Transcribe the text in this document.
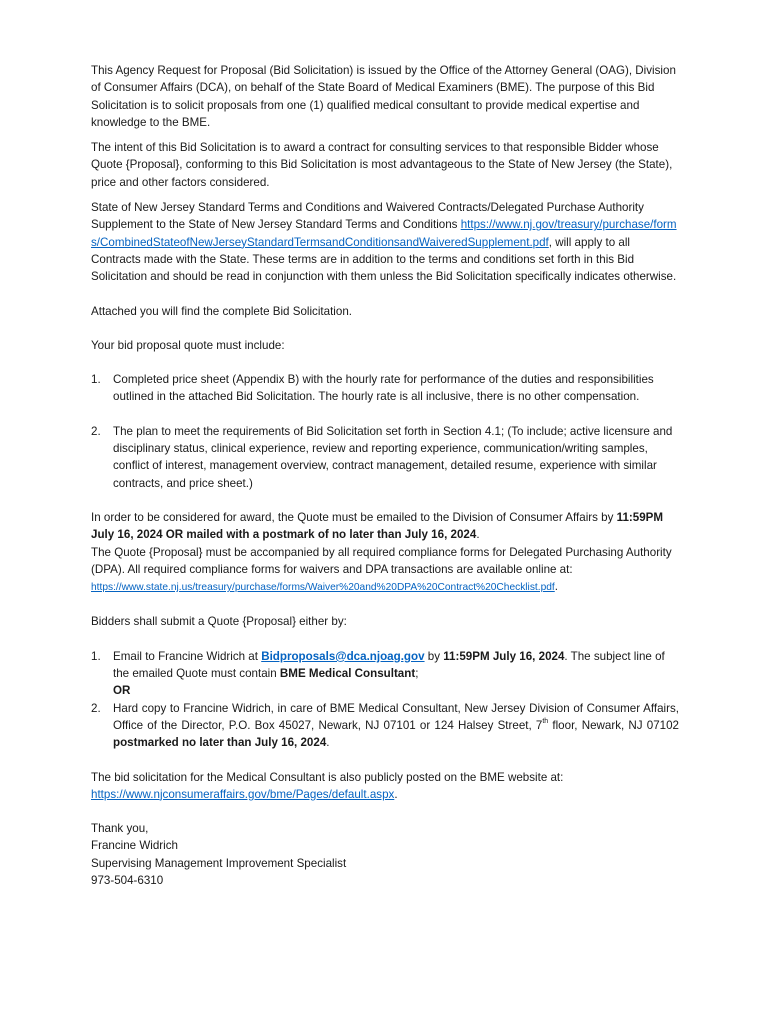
This Agency Request for Proposal (Bid Solicitation) is issued by the Office of the Attorney General (OAG), Division of Consumer Affairs (DCA), on behalf of the State Board of Medical Examiners (BME). The purpose of this Bid Solicitation is to solicit proposals from one (1) qualified medical consultant to provide medical expertise and knowledge to the BME.

The intent of this Bid Solicitation is to award a contract for consulting services to that responsible Bidder whose Quote {Proposal}, conforming to this Bid Solicitation is most advantageous to the State of New Jersey (the State), price and other factors considered.

State of New Jersey Standard Terms and Conditions and Waivered Contracts/Delegated Purchase Authority Supplement to the State of New Jersey Standard Terms and Conditions https://www.nj.gov/treasury/purchase/forms/CombinedStateofNewJerseyStandardTermsandConditionsandWaiveredSupplement.pdf, will apply to all Contracts made with the State. These terms are in addition to the terms and conditions set forth in this Bid Solicitation and should be read in conjunction with them unless the Bid Solicitation specifically indicates otherwise.

Attached you will find the complete Bid Solicitation.

Your bid proposal quote must include:

1. Completed price sheet (Appendix B) with the hourly rate for performance of the duties and responsibilities outlined in the attached Bid Solicitation. The hourly rate is all inclusive, there is no other compensation.
2. The plan to meet the requirements of Bid Solicitation set forth in Section 4.1; (To include; active licensure and disciplinary status, clinical experience, review and reporting experience, communication/writing samples, conflict of interest, management overview, contract management, detailed resume, experience with similar contracts, and price sheet.)

In order to be considered for award, the Quote must be emailed to the Division of Consumer Affairs by 11:59PM July 16, 2024 OR mailed with a postmark of no later than July 16, 2024.
The Quote {Proposal} must be accompanied by all required compliance forms for Delegated Purchasing Authority (DPA). All required compliance forms for waivers and DPA transactions are available online at: https://www.state.nj.us/treasury/purchase/forms/Waiver%20and%20DPA%20Contract%20Checklist.pdf.

Bidders shall submit a Quote {Proposal} either by:

1. Email to Francine Widrich at Bidproposals@dca.njoag.gov by 11:59PM July 16, 2024. The subject line of the emailed Quote must contain BME Medical Consultant;
OR
2. Hard copy to Francine Widrich, in care of BME Medical Consultant, New Jersey Division of Consumer Affairs, Office of the Director, P.O. Box 45027, Newark, NJ 07101 or 124 Halsey Street, 7th floor, Newark, NJ 07102 postmarked no later than July 16, 2024.

The bid solicitation for the Medical Consultant is also publicly posted on the BME website at: https://www.njconsumeraffairs.gov/bme/Pages/default.aspx.

Thank you,

Francine Widrich

Supervising Management Improvement Specialist

973-504-6310
